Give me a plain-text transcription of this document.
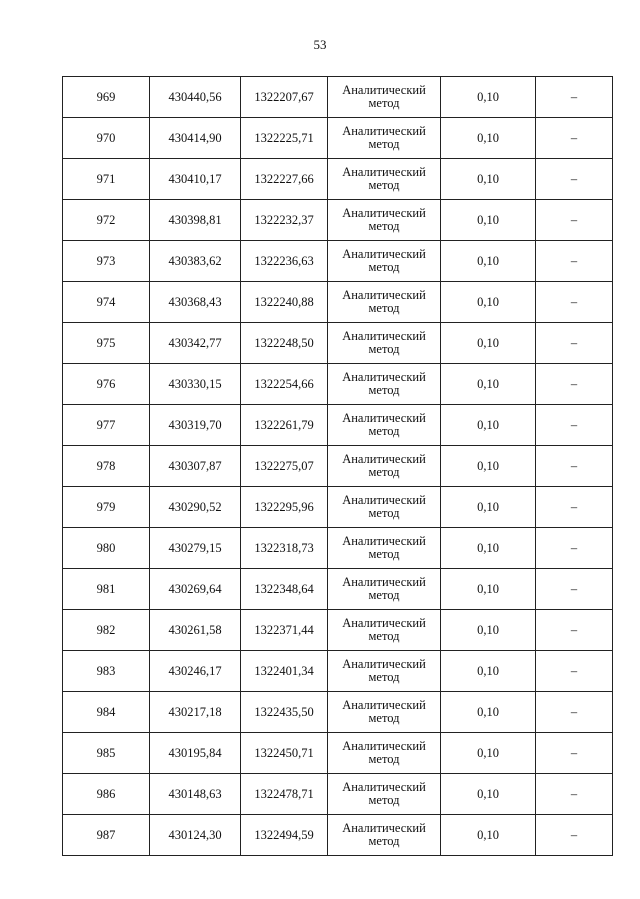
53
969	430440,56	1322207,67	Аналитический
метод	0,10	–
970	430414,90	1322225,71	Аналитический
метод	0,10	–
971	430410,17	1322227,66	Аналитический
метод	0,10	–
972	430398,81	1322232,37	Аналитический
метод	0,10	–
973	430383,62	1322236,63	Аналитический
метод	0,10	–
974	430368,43	1322240,88	Аналитический
метод	0,10	–
975	430342,77	1322248,50	Аналитический
метод	0,10	–
976	430330,15	1322254,66	Аналитический
метод	0,10	–
977	430319,70	1322261,79	Аналитический
метод	0,10	–
978	430307,87	1322275,07	Аналитический
метод	0,10	–
979	430290,52	1322295,96	Аналитический
метод	0,10	–
980	430279,15	1322318,73	Аналитический
метод	0,10	–
981	430269,64	1322348,64	Аналитический
метод	0,10	–
982	430261,58	1322371,44	Аналитический
метод	0,10	–
983	430246,17	1322401,34	Аналитический
метод	0,10	–
984	430217,18	1322435,50	Аналитический
метод	0,10	–
985	430195,84	1322450,71	Аналитический
метод	0,10	–
986	430148,63	1322478,71	Аналитический
метод	0,10	–
987	430124,30	1322494,59	Аналитический
метод	0,10	–
